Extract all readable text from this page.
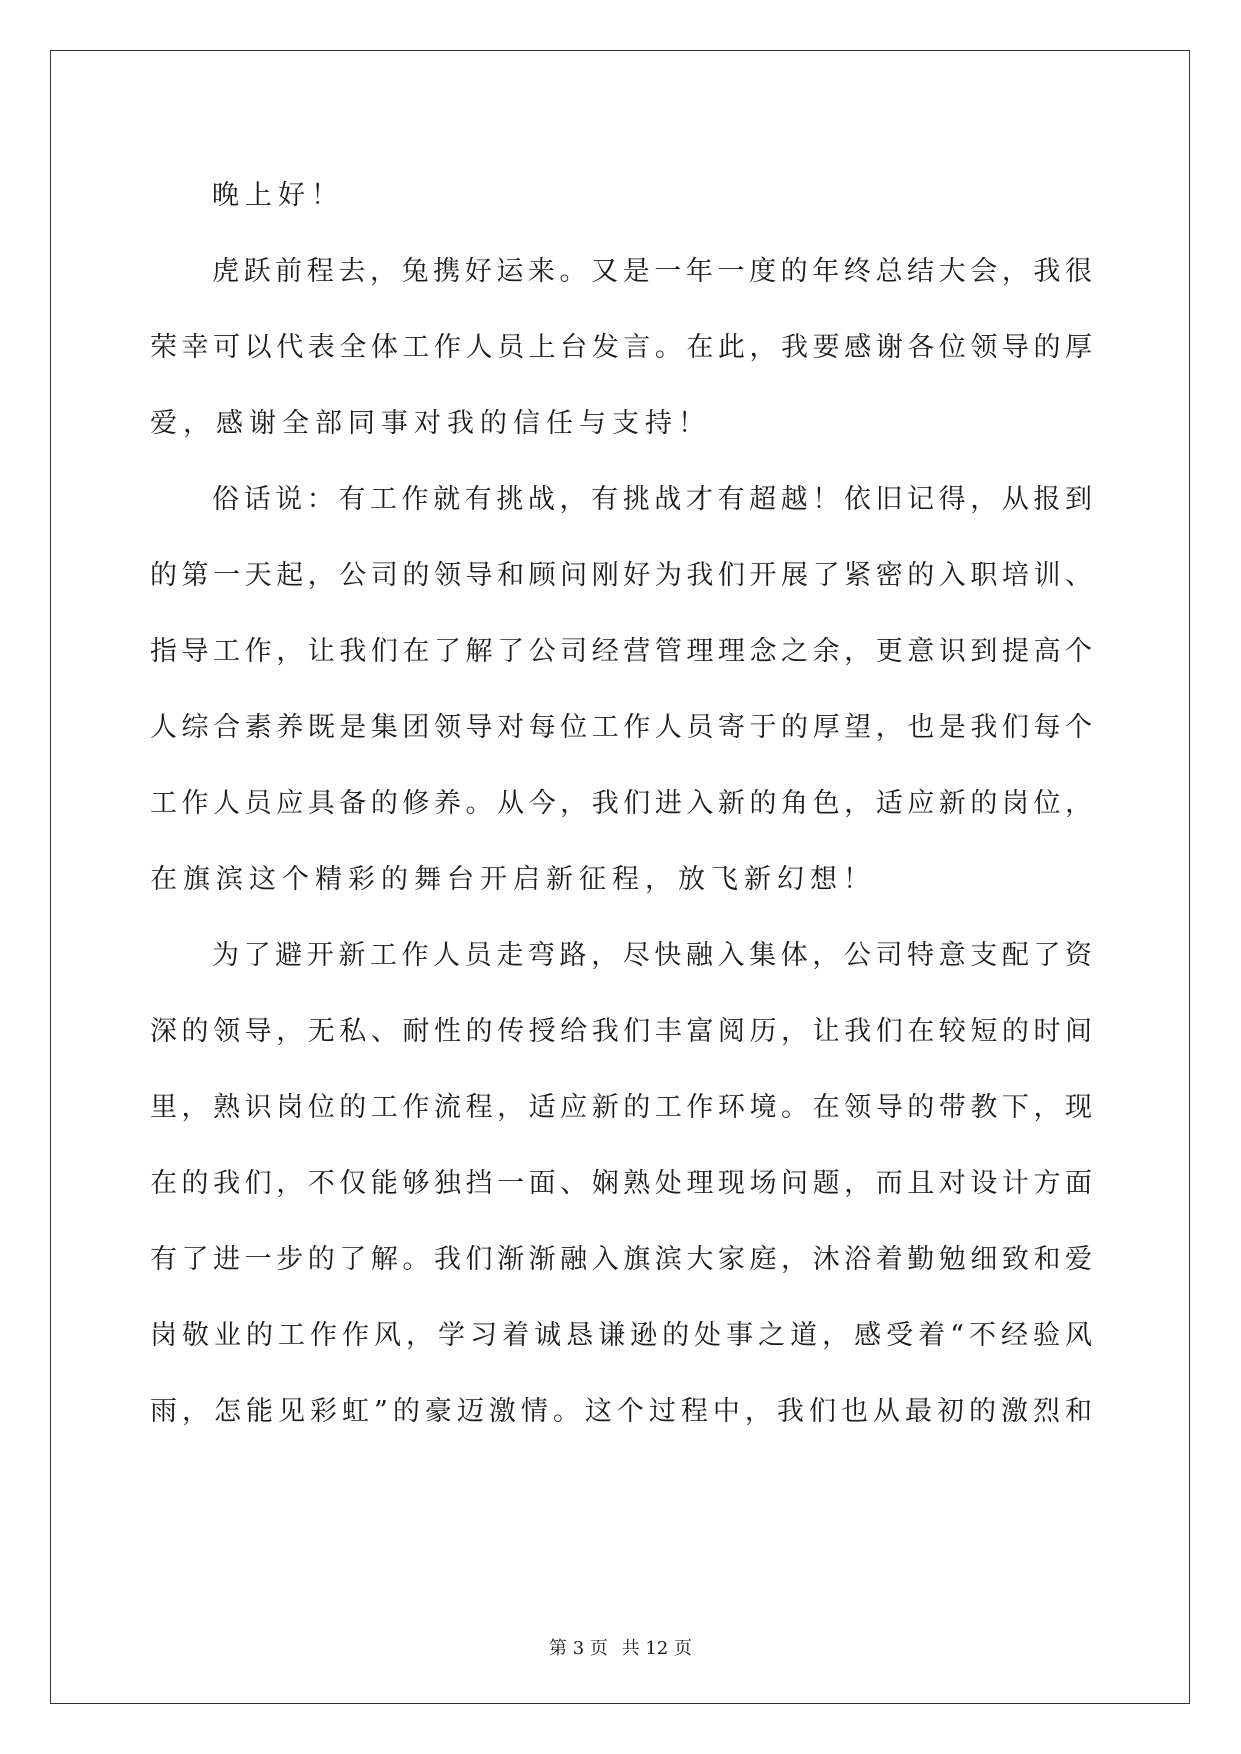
晚上好！
虎跃前程去，兔携好运来。又是一年一度的年终总结大会，我很
荣幸可以代表全体工作人员上台发言。在此，我要感谢各位领导的厚
爱，感谢全部同事对我的信任与支持！
俗话说：有工作就有挑战，有挑战才有超越！依旧记得，从报到
的第一天起，公司的领导和顾问刚好为我们开展了紧密的入职培训、
指导工作，让我们在了解了公司经营管理理念之余，更意识到提高个
人综合素养既是集团领导对每位工作人员寄于的厚望，也是我们每个
工作人员应具备的修养。从今，我们进入新的角色，适应新的岗位，
在旗滨这个精彩的舞台开启新征程，放飞新幻想！
为了避开新工作人员走弯路，尽快融入集体，公司特意支配了资
深的领导，无私、耐性的传授给我们丰富阅历，让我们在较短的时间
里，熟识岗位的工作流程，适应新的工作环境。在领导的带教下，现
在的我们，不仅能够独挡一面、娴熟处理现场问题，而且对设计方面
有了进一步的了解。我们渐渐融入旗滨大家庭，沐浴着勤勉细致和爱
岗敬业的工作作风，学习着诚恳谦逊的处事之道，感受着“不经验风
雨，怎能见彩虹”的豪迈激情。这个过程中，我们也从最初的激烈和
第 3 页 共 12 页
